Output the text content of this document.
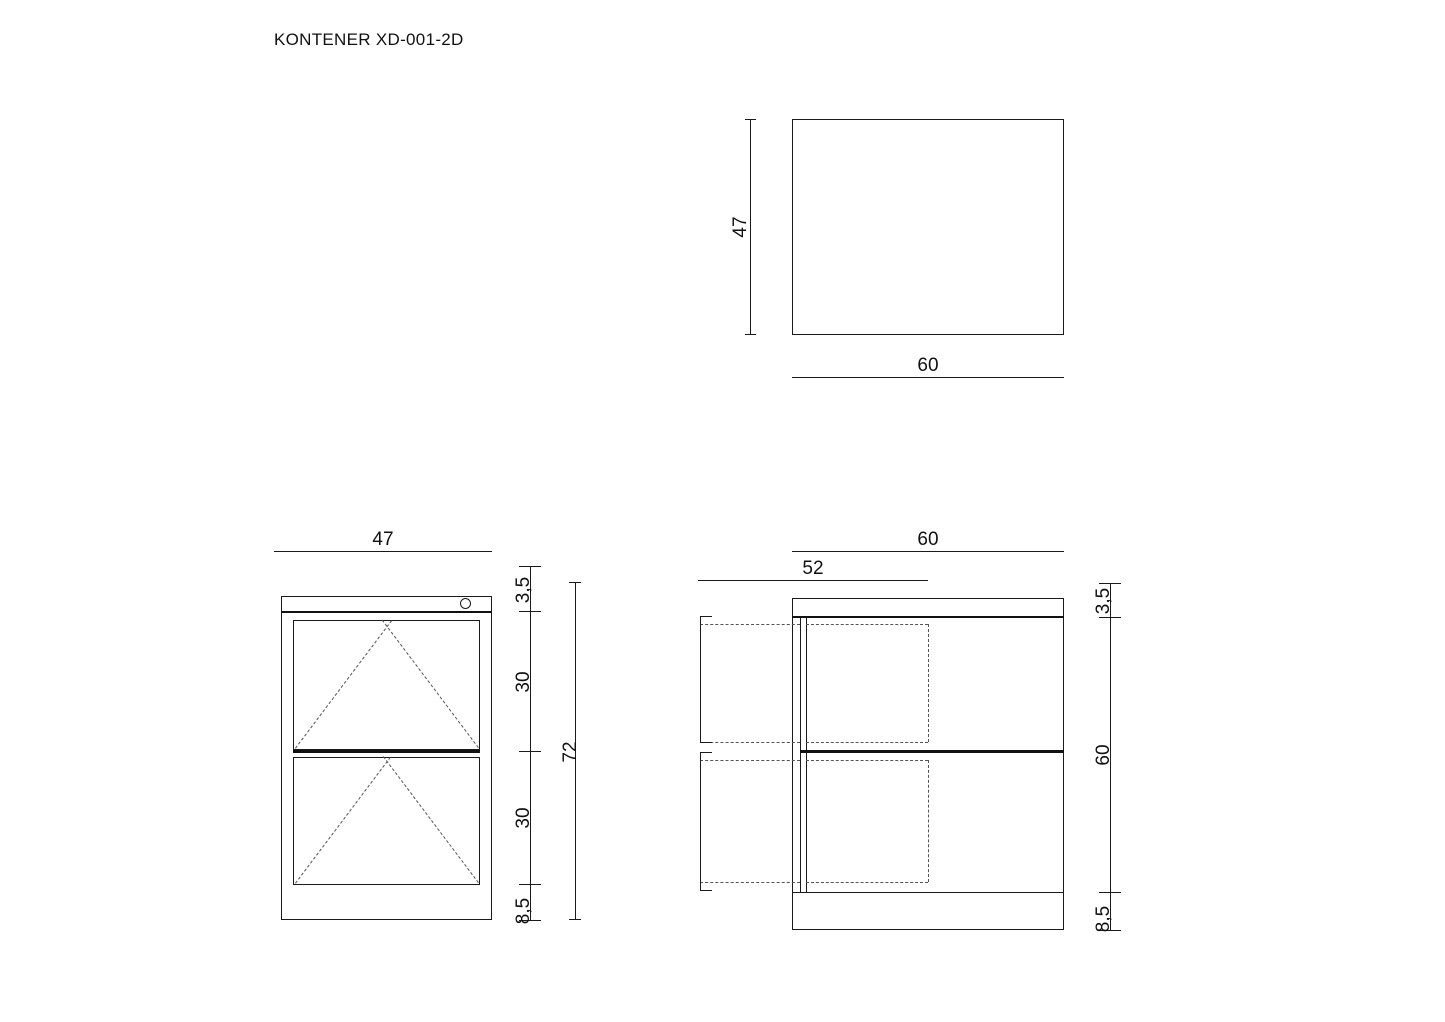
KONTENER XD-001-2D
47
60
47
3,5
30
30
8,5
72
60
52
3,5
60
8,5
